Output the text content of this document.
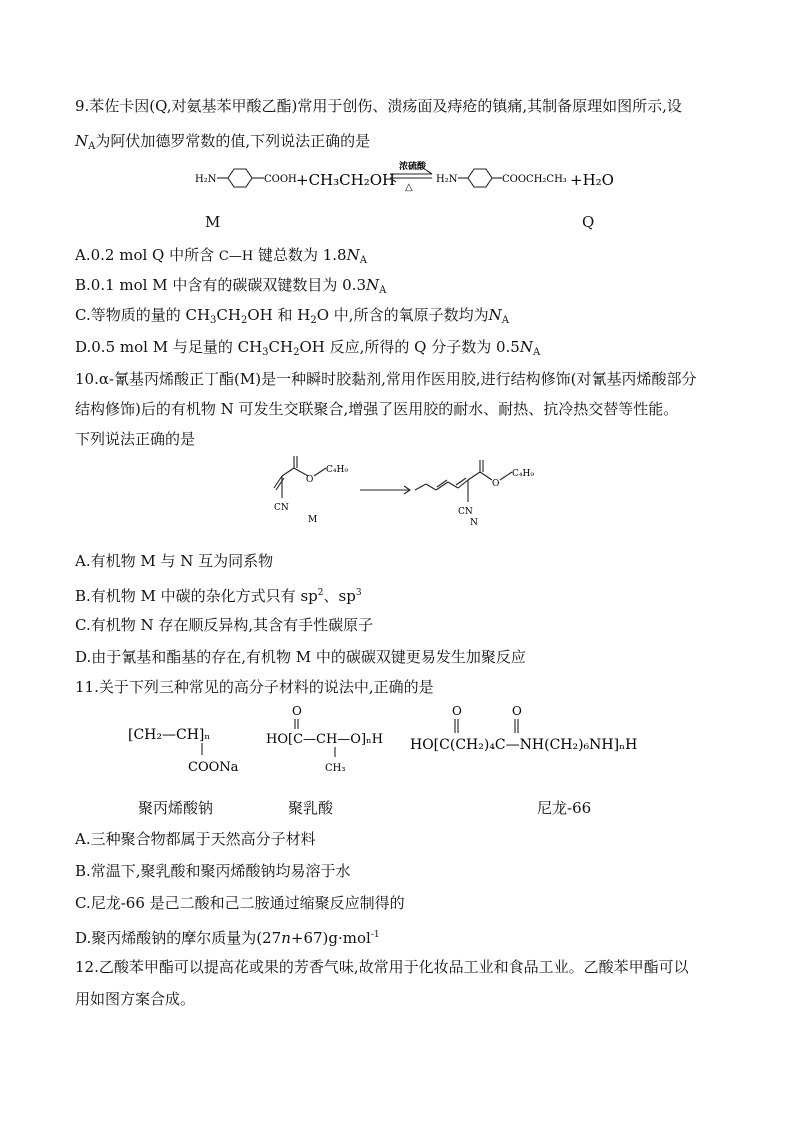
9.苯佐卡因(Q,对氨基苯甲酸乙酯)常用于创伤、溃疡面及痔疮的镇痛,其制备原理如图所示,设
$N_A$为阿伏加德罗常数的值,下列说法正确的是
H₂N	COOH +CH₃CH₂OH
浓硫酸
△
H₂N	COOCH₂CH₃ +H₂O
M	Q
A.0.2 mol Q 中所含 C—H 键总数为 $1.8N_A$
B.0.1 mol M 中含有的碳碳双键数目为 $0.3N_A$
C.等物质的量的 $CH_3CH_2OH$ 和 $H_2O$ 中,所含的氧原子数均为$N_A$
D.0.5 mol M 与足量的 $CH_3CH_2OH$ 反应,所得的 Q 分子数为 $0.5N_A$
10.α-氰基丙烯酸正丁酯(M)是一种瞬时胶黏剂,常用作医用胶,进行结构修饰(对氰基丙烯酸部分
结构修饰)后的有机物 N 可发生交联聚合,增强了医用胶的耐水、耐热、抗冷热交替等性能。
下列说法正确的是
O
C₄H₉
CN
M
O
C₄H₉
CN
N
A.有机物 M 与 N 互为同系物
B.有机物 M 中碳的杂化方式只有 $sp^2$、$sp^3$
C.有机物 N 存在顺反异构,其含有手性碳原子
D.由于氰基和酯基的存在,有机物 M 中的碳碳双键更易发生加聚反应
11.关于下列三种常见的高分子材料的说法中,正确的是
[CH₂—CH]ₙ
COONa
O
HO[C—CH—O]ₙH
CH₃
O	O
HO[C(CH₂)₄C—NH(CH₂)₆NH]ₙH
聚丙烯酸钠	聚乳酸	尼龙-66
A.三种聚合物都属于天然高分子材料
B.常温下,聚乳酸和聚丙烯酸钠均易溶于水
C.尼龙-66 是己二酸和己二胺通过缩聚反应制得的
D.聚丙烯酸钠的摩尔质量为(27n+67)g·mol$^{-1}$
12.乙酸苯甲酯可以提高花或果的芳香气味,故常用于化妆品工业和食品工业。乙酸苯甲酯可以
用如图方案合成。
